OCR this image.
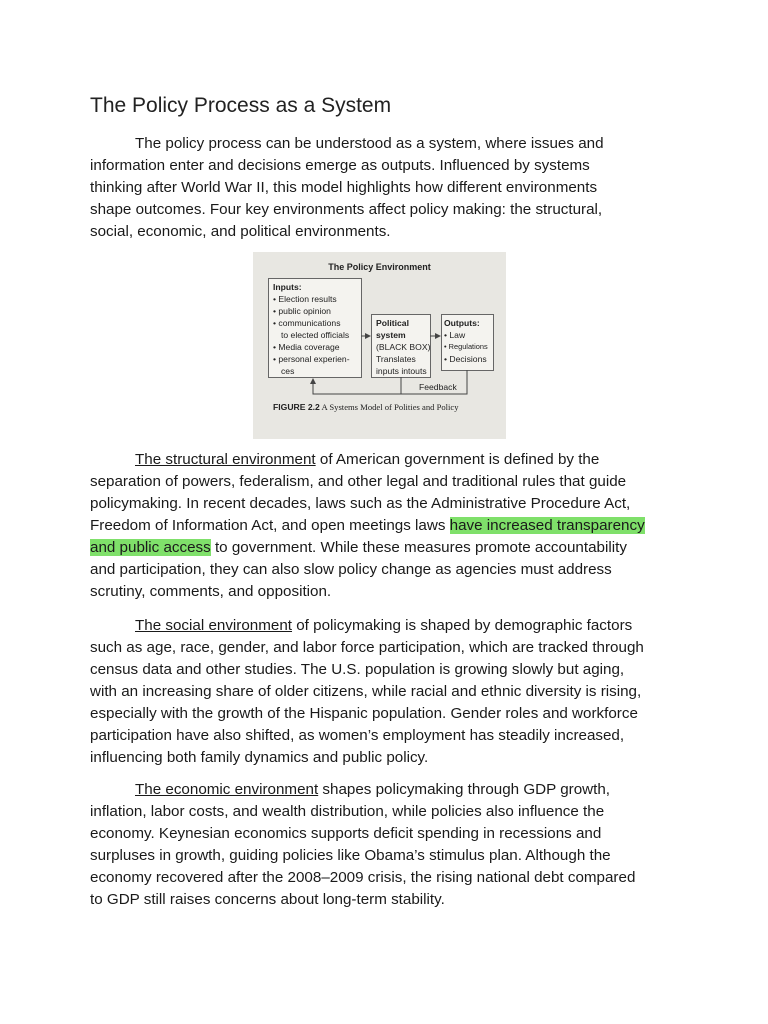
The Policy Process as a System

The policy process can be understood as a system, where issues and
information enter and decisions emerge as outputs. Influenced by systems
thinking after World War II, this model highlights how different environments
shape outcomes. Four key environments affect policy making: the structural,
social, economic, and political environments.

The Policy Environment
Inputs:
• Election results
• public opinion
• communications
to elected officials
• Media coverage
• personal experien-
ces
Political
system
(BLACK BOX)
Translates
inputs intouts
Outputs:
• Law
• Regulations
• Decisions
Feedback
FIGURE 2.2 A Systems Model of Polities and Policy

The structural environment of American government is defined by the
separation of powers, federalism, and other legal and traditional rules that guide
policymaking. In recent decades, laws such as the Administrative Procedure Act,
Freedom of Information Act, and open meetings laws have increased transparency
and public access to government. While these measures promote accountability
and participation, they can also slow policy change as agencies must address
scrutiny, comments, and opposition.

The social environment of policymaking is shaped by demographic factors
such as age, race, gender, and labor force participation, which are tracked through
census data and other studies. The U.S. population is growing slowly but aging,
with an increasing share of older citizens, while racial and ethnic diversity is rising,
especially with the growth of the Hispanic population. Gender roles and workforce
participation have also shifted, as women’s employment has steadily increased,
influencing both family dynamics and public policy.

The economic environment shapes policymaking through GDP growth,
inflation, labor costs, and wealth distribution, while policies also influence the
economy. Keynesian economics supports deficit spending in recessions and
surpluses in growth, guiding policies like Obama’s stimulus plan. Although the
economy recovered after the 2008–2009 crisis, the rising national debt compared
to GDP still raises concerns about long-term stability.
